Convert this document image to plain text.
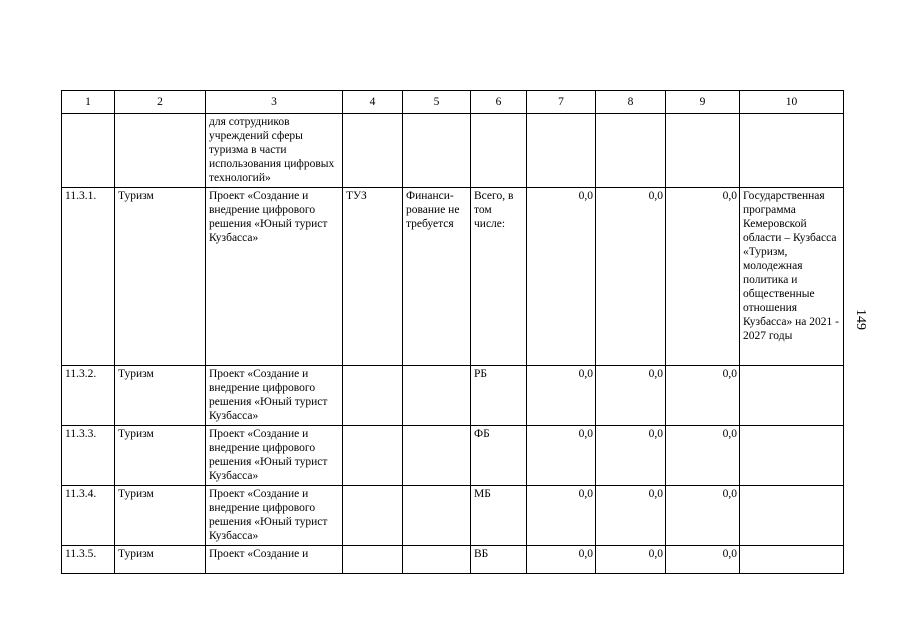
1	2	3	4	5	6	7	8	9	10
		для сотрудников учреждений сферы туризма в части использования цифровых технологий»							
11.3.1.	Туризм	Проект «Создание и внедрение цифрового решения «Юный турист Кузбасса»	ТУЗ	Финанси-рование не требуется	Всего, в том числе:	0,0	0,0	0,0	Государственная программа Кемеровской области – Кузбасса «Туризм, молодежная политика и общественные отношения Кузбасса» на 2021 - 2027 годы
11.3.2.	Туризм	Проект «Создание и внедрение цифрового решения «Юный турист Кузбасса»			РБ	0,0	0,0	0,0	
11.3.3.	Туризм	Проект «Создание и внедрение цифрового решения «Юный турист Кузбасса»			ФБ	0,0	0,0	0,0	
11.3.4.	Туризм	Проект «Создание и внедрение цифрового решения «Юный турист Кузбасса»			МБ	0,0	0,0	0,0	
11.3.5.	Туризм	Проект «Создание и			ВБ	0,0	0,0	0,0	
149
